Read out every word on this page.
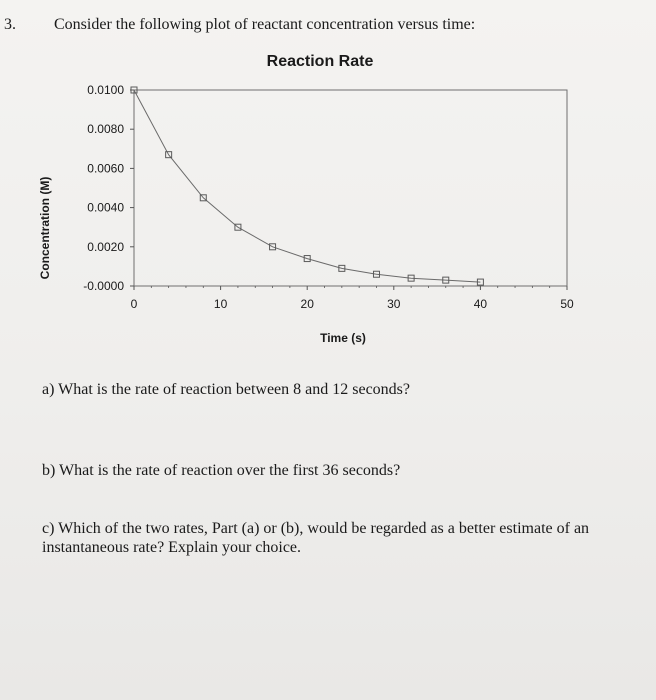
3. Consider the following plot of reactant concentration versus time:
Reaction Rate
Concentration (M)
Time (s)
-0.0000
0.0020
0.0040
0.0060
0.0080
0.0100
0	10	20	30	40	50
a) What is the rate of reaction between 8 and 12 seconds?
b) What is the rate of reaction over the first 36 seconds?
c) Which of the two rates, Part (a) or (b), would be regarded as a better estimate of an instantaneous rate? Explain your choice.
